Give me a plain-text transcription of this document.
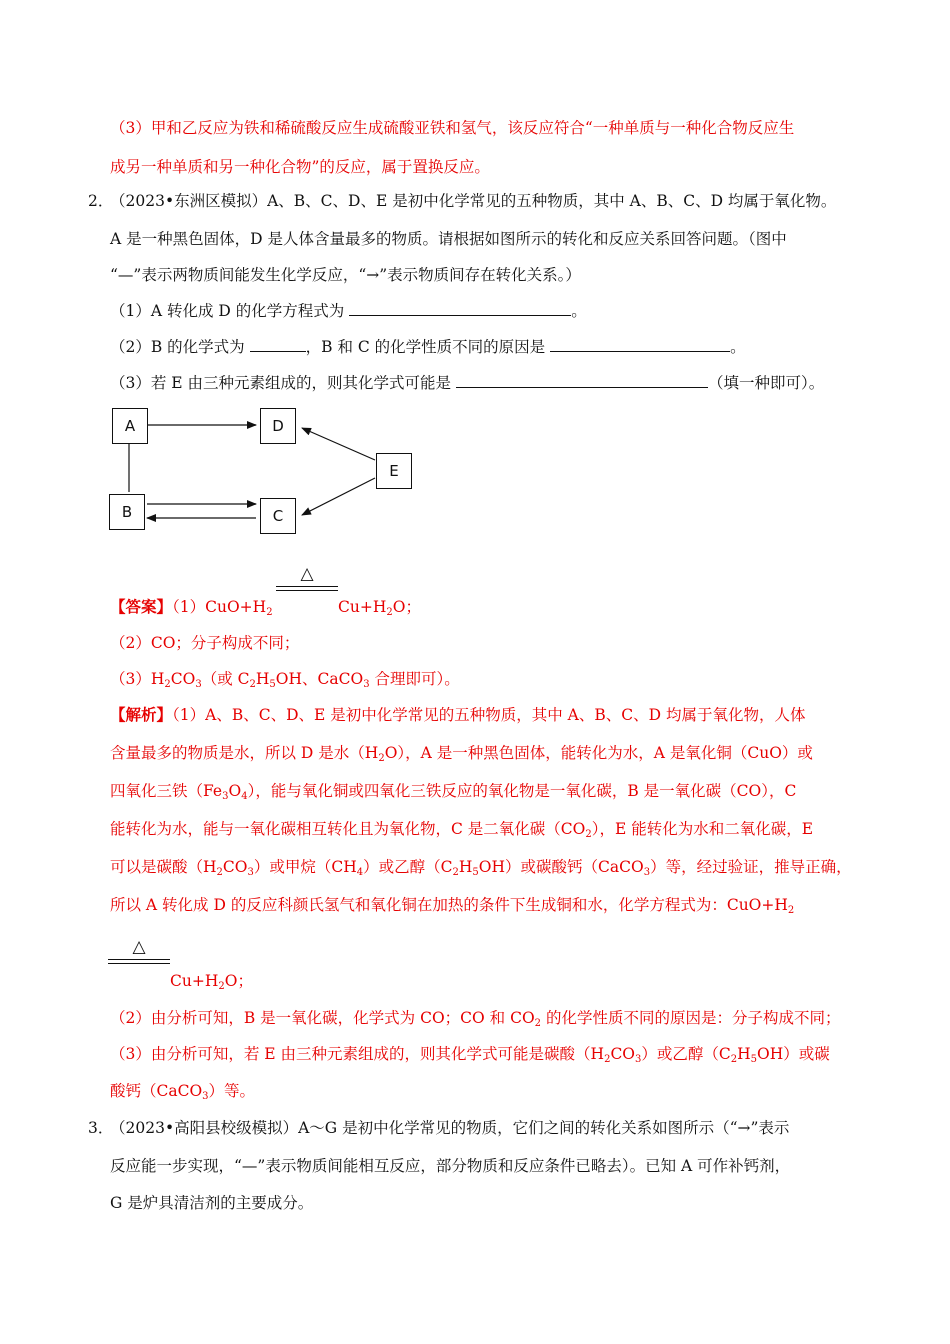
（3）甲和乙反应为铁和稀硫酸反应生成硫酸亚铁和氢气，该反应符合“一种单质与一种化合物反应生
成另一种单质和另一种化合物”的反应，属于置换反应。
2．
（2023•东洲区模拟）A、B、C、D、E 是初中化学常见的五种物质，其中 A、B、C、D 均属于氧化物。
A 是一种黑色固体，D 是人体含量最多的物质。请根据如图所示的转化和反应关系回答问题。（图中
“—”表示两物质间能发生化学反应，“→”表示物质间存在转化关系。）
（1）A 转化成 D 的化学方程式为	。
（2）B 的化学式为	，B 和 C 的化学性质不同的原因是	。
（3）若 E 由三种元素组成的，则其化学式可能是	（填一种即可）。
A	D
E
B	C
△
【答案】$(1)CuO+H_2$	$Cu+H_2O$；
（2）CO；分子构成不同；
$(3)H_2CO_3$（或 $C_2H_5OH$、CaCO$_3$ 合理即可）。
【解析】（1）A、B、C、D、E 是初中化学常见的五种物质，其中 A、B、C、D 均属于氧化物，人体
含量最多的物质是水，所以 D 是水$(H_2O)$，A 是一种黑色固体，能转化为水，A 是氧化铜（CuO）或
四氧化三铁$(Fe_3O_4)$，能与氧化铜或四氧化三铁反应的氧化物是一氧化碳，B 是一氧化碳（CO），C
能转化为水，能与一氧化碳相互转化且为氧化物，C 是二氧化碳$(CO_2)$，E 能转化为水和二氧化碳，E
可以是碳酸$(H_2CO_3)$或甲烷$(CH_4)$或乙醇$(C_2H_5OH)$或碳酸钙（CaCO$_3$）等，经过验证，推导正确，
所以 A 转化成 D 的反应科颜氏氢气和氧化铜在加热的条件下生成铜和水，化学方程式为：$CuO+H_2$
△
$Cu+H_2O$；
（2）由分析可知，B 是一氧化碳，化学式为 CO；CO 和 $CO_2$ 的化学性质不同的原因是：分子构成不同；
（3）由分析可知，若 E 由三种元素组成的，则其化学式可能是碳酸$(H_2CO_3)$或乙醇$(C_2H_5OH)$或碳
酸钙（CaCO$_3$）等。
3．
（2023•高阳县校级模拟）A～G 是初中化学常见的物质，它们之间的转化关系如图所示（“→”表示
反应能一步实现，“—”表示物质间能相互反应，部分物质和反应条件已略去）。已知 A 可作补钙剂，
G 是炉具清洁剂的主要成分。
